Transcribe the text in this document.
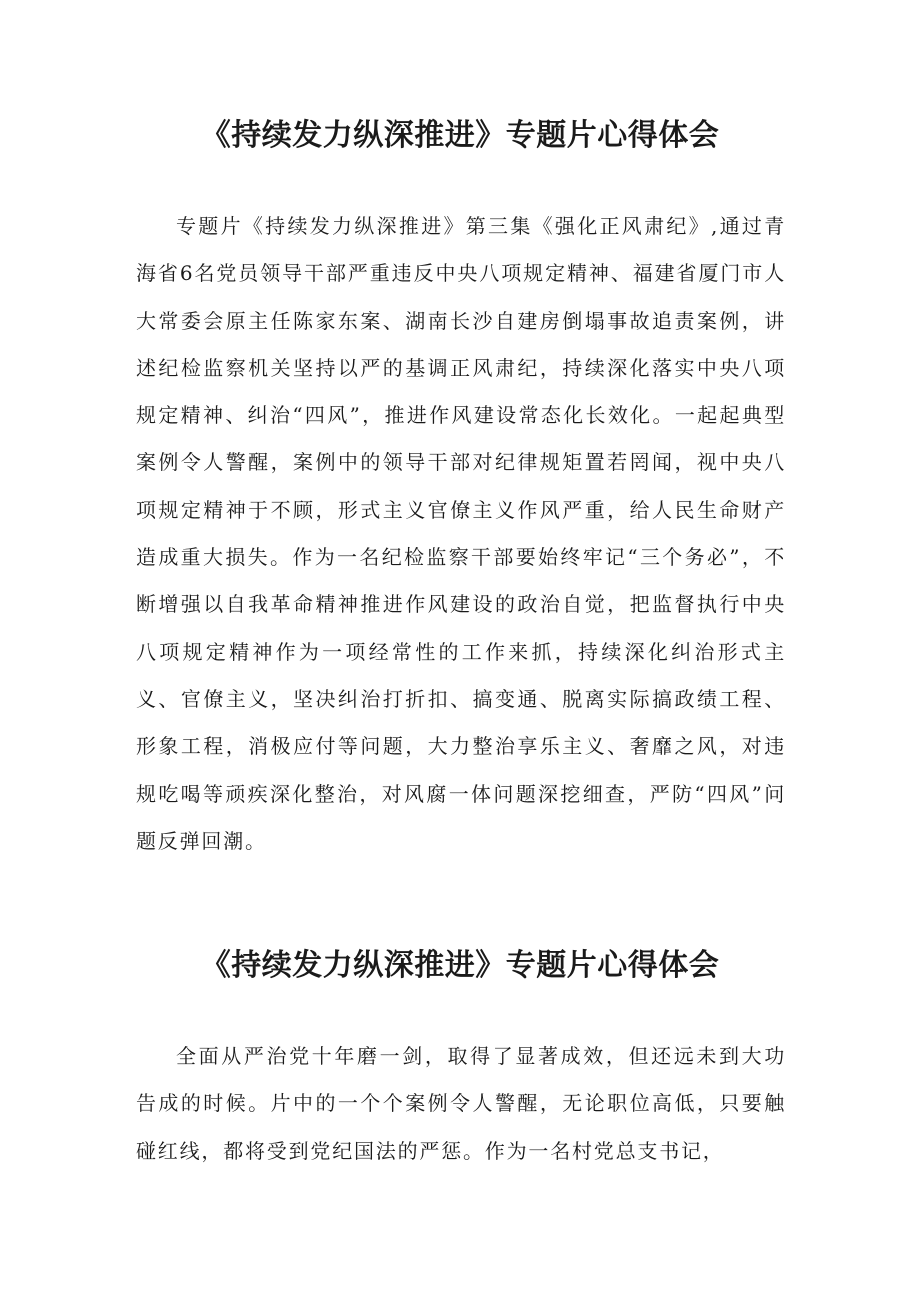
《持续发力纵深推进》专题片心得体会

专题片《持续发力纵深推进》第三集《强化正风肃纪》,通过青海省6名党员领导干部严重违反中央八项规定精神、福建省厦门市人大常委会原主任陈家东案、湖南长沙自建房倒塌事故追责案例，讲述纪检监察机关坚持以严的基调正风肃纪，持续深化落实中央八项规定精神、纠治“四风”，推进作风建设常态化长效化。一起起典型案例令人警醒，案例中的领导干部对纪律规矩置若罔闻，视中央八项规定精神于不顾，形式主义官僚主义作风严重，给人民生命财产造成重大损失。作为一名纪检监察干部要始终牢记“三个务必”，不断增强以自我革命精神推进作风建设的政治自觉，把监督执行中央八项规定精神作为一项经常性的工作来抓，持续深化纠治形式主义、官僚主义，坚决纠治打折扣、搞变通、脱离实际搞政绩工程、形象工程，消极应付等问题，大力整治享乐主义、奢靡之风，对违规吃喝等顽疾深化整治，对风腐一体问题深挖细查，严防“四风”问题反弹回潮。

《持续发力纵深推进》专题片心得体会

全面从严治党十年磨一剑，取得了显著成效，但还远未到大功告成的时候。片中的一个个案例令人警醒，无论职位高低，只要触碰红线，都将受到党纪国法的严惩。作为一名村党总支书记，
